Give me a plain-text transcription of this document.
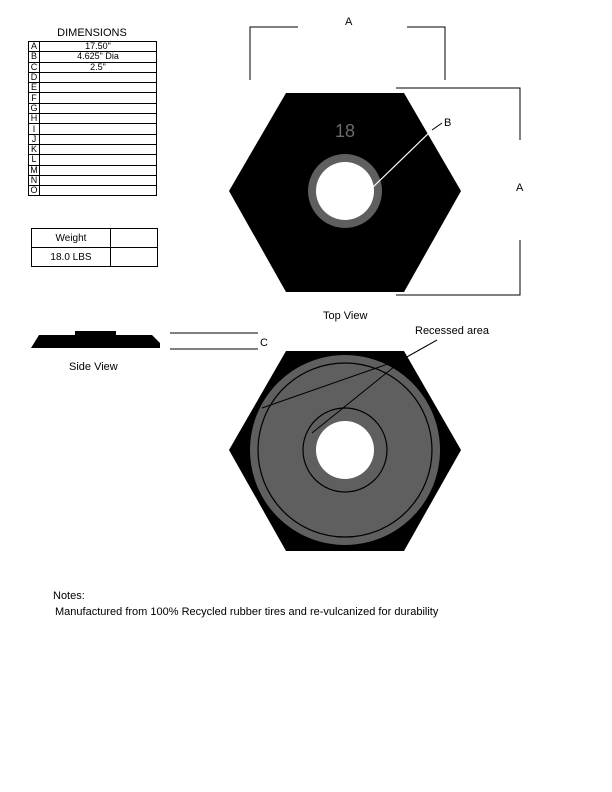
DIMENSIONS
A	17.50"
B	4.625" Dia
C	2.5"
D	
E	
F	
G	
H	
I	
J	
K	
L	
M	
N	
O	
Weight	
18.0 LBS	
A
A
18	B
Top View
Side View
C
Recessed area
Notes:
Manufactured from 100% Recycled rubber tires and re-vulcanized for durability
